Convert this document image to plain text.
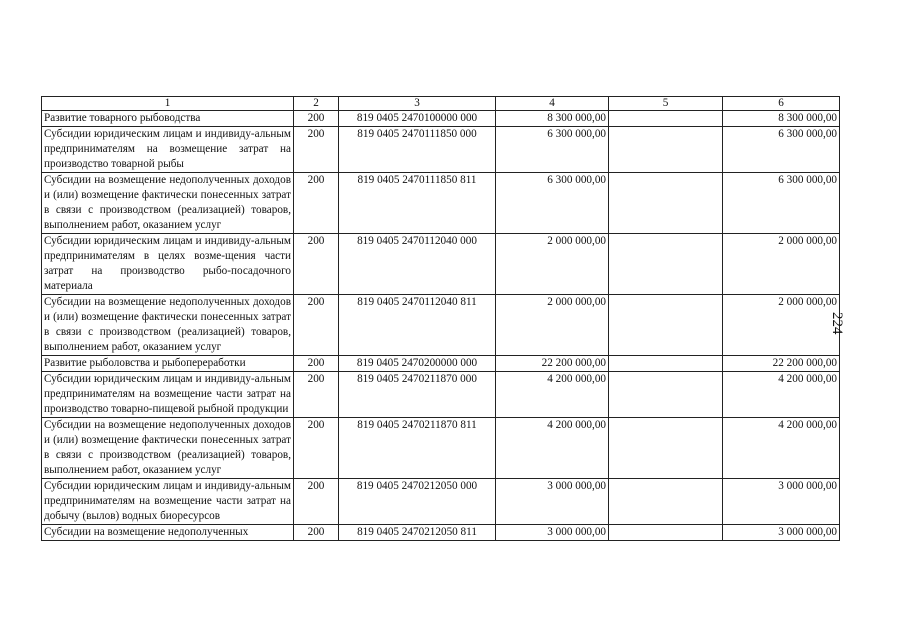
1	2	3	4	5	6
Развитие товарного рыбоводства	200	819 0405 2470100000 000	8 300 000,00		8 300 000,00
Субсидии юридическим лицам и индивиду-альным предпринимателям на возмещение затрат на производство товарной рыбы	200	819 0405 2470111850 000	6 300 000,00		6 300 000,00
Субсидии на возмещение недополученных доходов и (или) возмещение фактически понесенных затрат в связи с производством (реализацией) товаров, выполнением работ, оказанием услуг	200	819 0405 2470111850 811	6 300 000,00		6 300 000,00
Субсидии юридическим лицам и индивиду-альным предпринимателям в целях возме-щения части затрат на производство рыбо-посадочного материала	200	819 0405 2470112040 000	2 000 000,00		2 000 000,00
Субсидии на возмещение недополученных доходов и (или) возмещение фактически понесенных затрат в связи с производством (реализацией) товаров, выполнением работ, оказанием услуг	200	819 0405 2470112040 811	2 000 000,00		2 000 000,00
Развитие рыболовства и рыбопереработки	200	819 0405 2470200000 000	22 200 000,00		22 200 000,00
Субсидии юридическим лицам и индивиду-альным предпринимателям на возмещение части затрат на производство товарно-пищевой рыбной продукции	200	819 0405 2470211870 000	4 200 000,00		4 200 000,00
Субсидии на возмещение недополученных доходов и (или) возмещение фактически понесенных затрат в связи с производством (реализацией) товаров, выполнением работ, оказанием услуг	200	819 0405 2470211870 811	4 200 000,00		4 200 000,00
Субсидии юридическим лицам и индивиду-альным предпринимателям на возмещение части затрат на добычу (вылов) водных биоресурсов	200	819 0405 2470212050 000	3 000 000,00		3 000 000,00
Субсидии на возмещение недополученных	200	819 0405 2470212050 811	3 000 000,00		3 000 000,00
224
